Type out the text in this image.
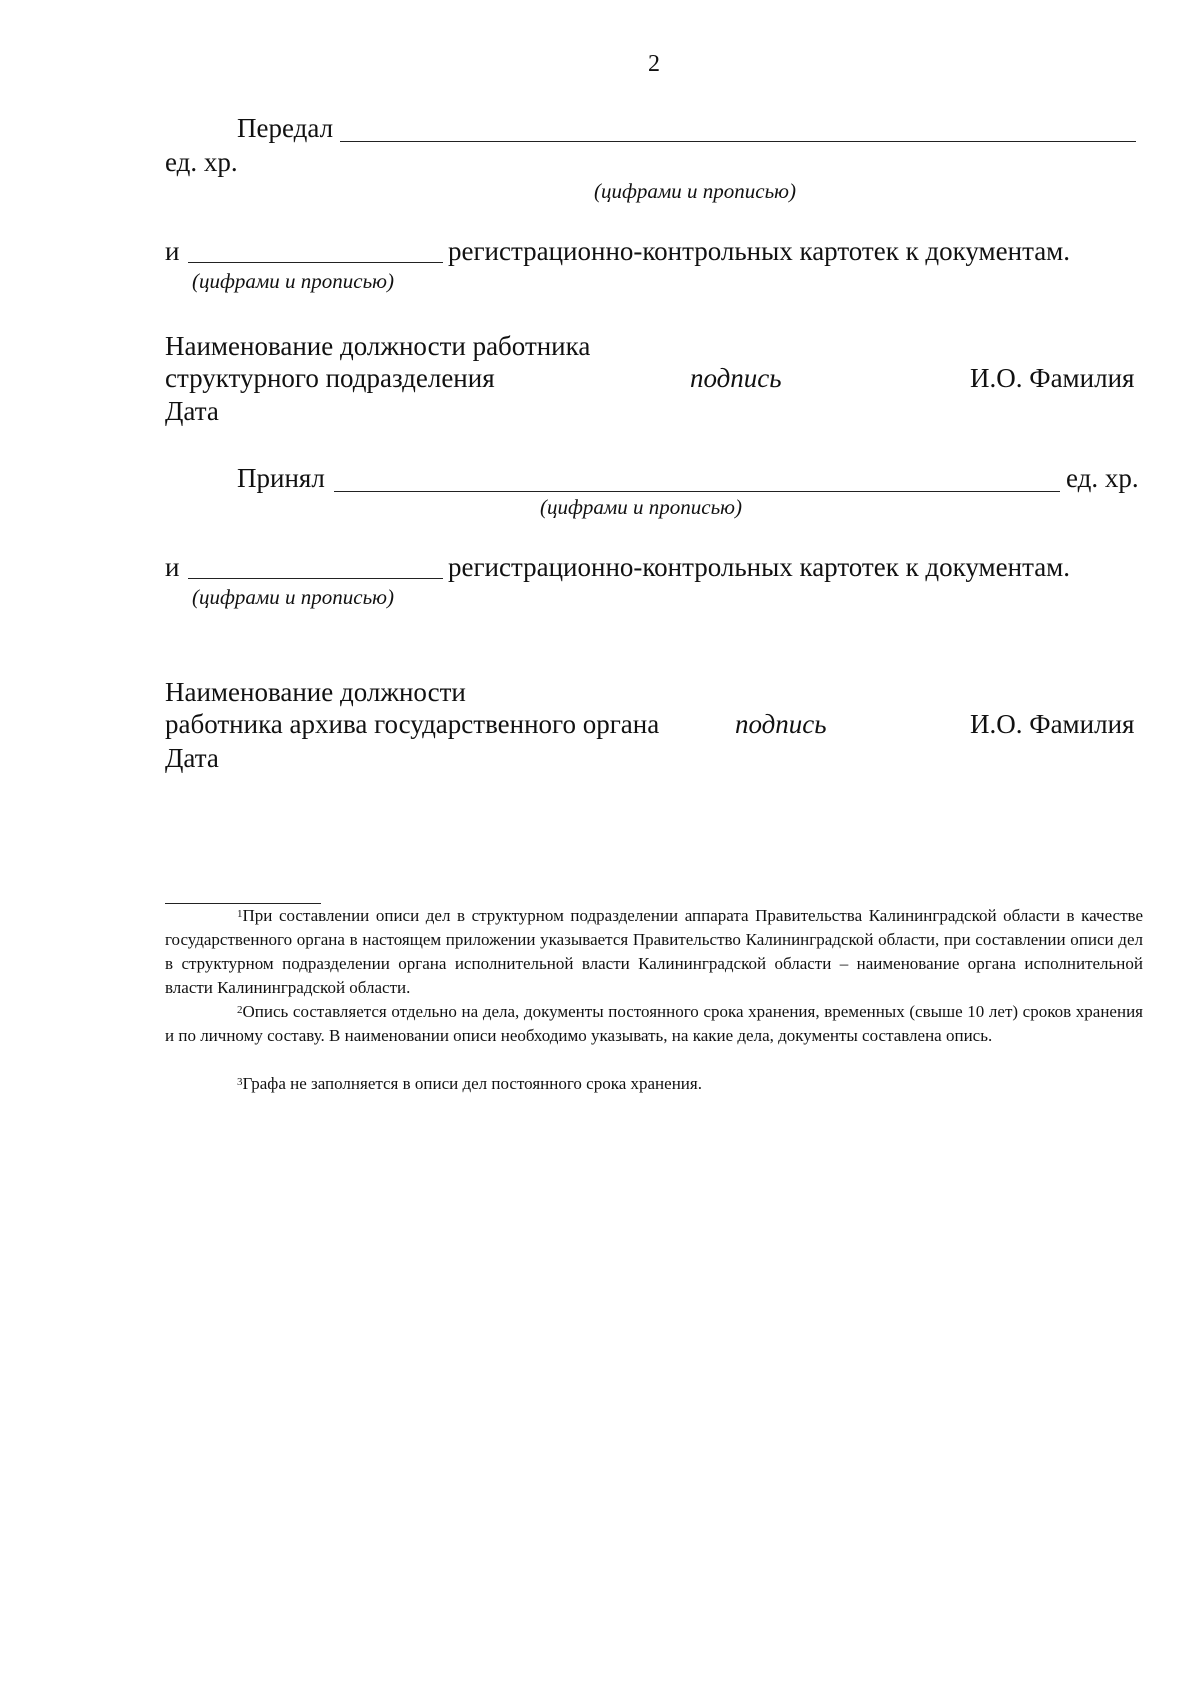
2
Передал
ед. хр.
(цифрами и прописью)
и	регистрационно-контрольных картотек к документам.
(цифрами и прописью)
Наименование должности работника
структурного подразделения	подпись	И.О. Фамилия
Дата
Принял	ед. хр.
(цифрами и прописью)
и	регистрационно-контрольных картотек к документам.
(цифрами и прописью)
Наименование должности
работника архива государственного органа	подпись	И.О. Фамилия
Дата
$^1$При составлении описи дел в структурном подразделении аппарата Правительства Калининградской области в качестве государственного органа в настоящем приложении указывается Правительство Калининградской области, при составлении описи дел в структурном подразделении органа исполнительной власти Калининградской области – наименование органа исполнительной власти Калининградской области.
$^2$Опись составляется отдельно на дела, документы постоянного срока хранения, временных (свыше 10 лет) сроков хранения и по личному составу. В наименовании описи необходимо указывать, на какие дела, документы составлена опись.
$^3$Графа не заполняется в описи дел постоянного срока хранения.
